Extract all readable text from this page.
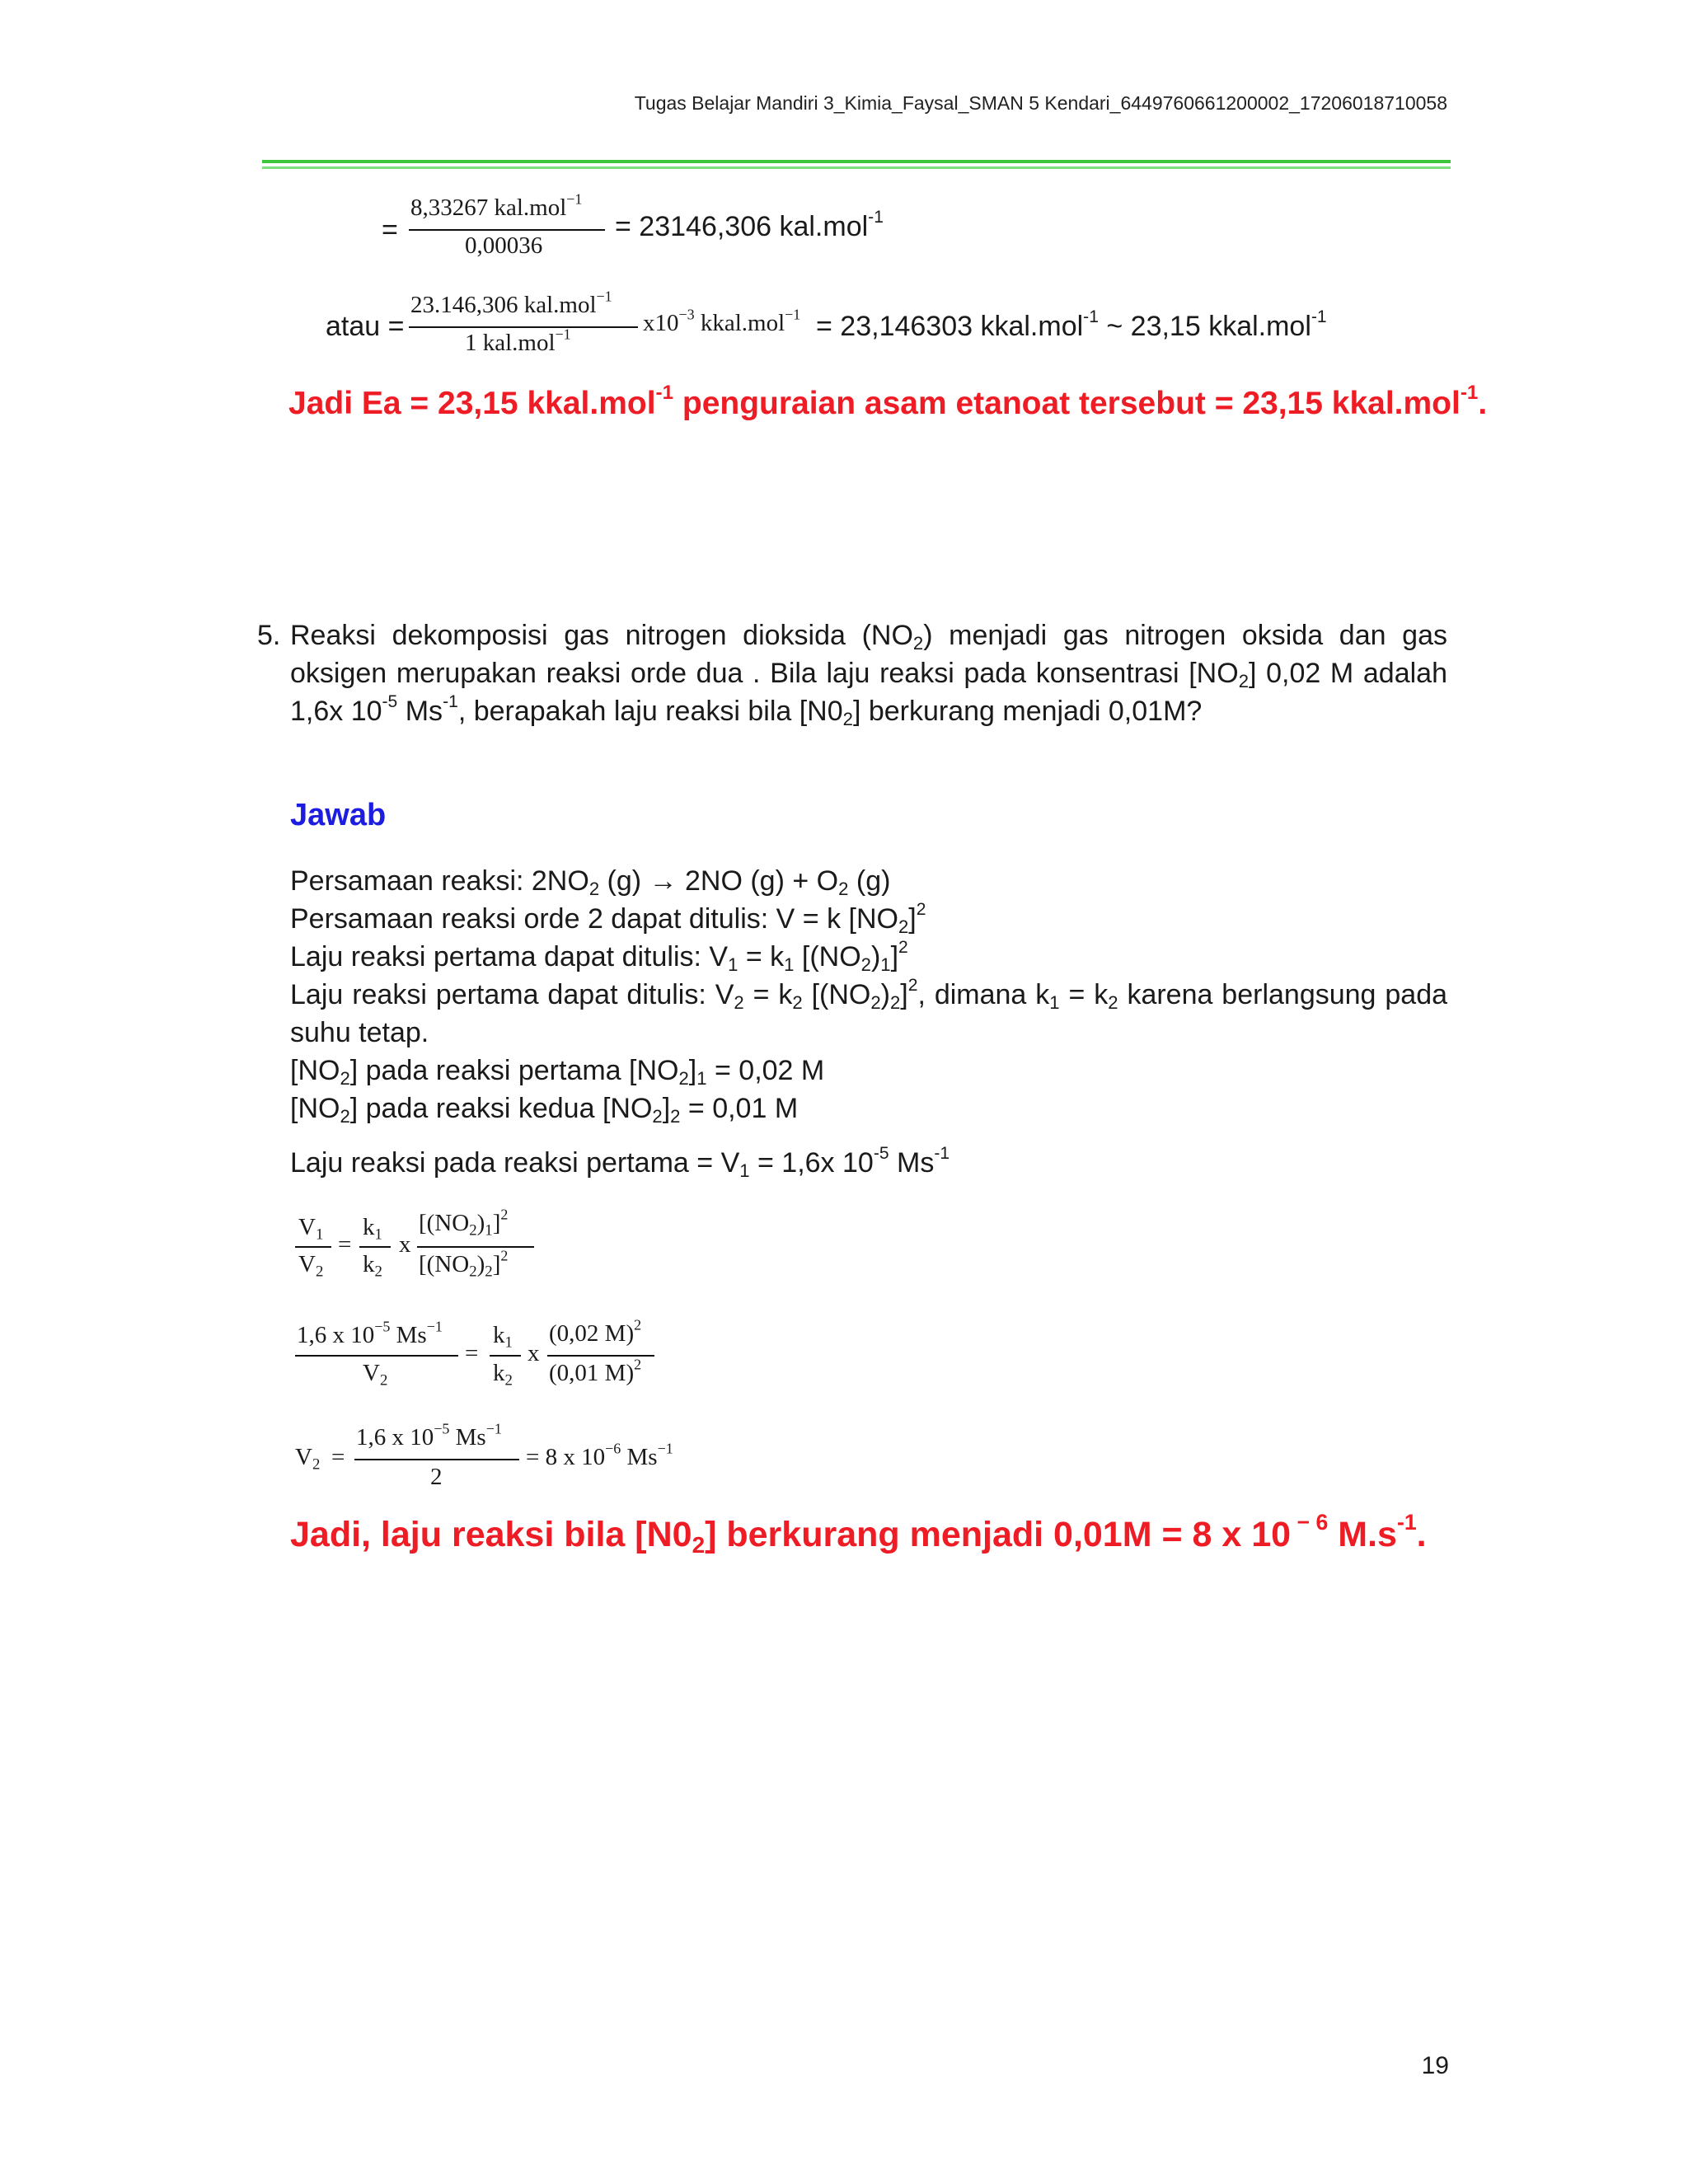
Tugas Belajar Mandiri 3_Kimia_Faysal_SMAN 5 Kendari_6449760661200002_17206018710058
=
8,33267 kal.mol$^{-1}$
0,00036
= 23146,306 kal.mol$^{-1}$
atau =
23.146,306 kal.mol$^{-1}$
1 kal.mol$^{-1}$	$x10^{-3}$ kkal.mol$^{-1}$ = 23,146303 kkal.mol$^{-1}$ ~ 23,15 kkal.mol$^{-1}$
Jadi Ea = 23,15 kkal.mol$^{-1}$ penguraian asam etanoat tersebut = 23,15 kkal.mol$^{-1}$.
5. Reaksi dekomposisi gas nitrogen dioksida $(NO_2)$ menjadi gas nitrogen oksida dan gas
oksigen merupakan reaksi orde dua . Bila laju reaksi pada konsentrasi $[NO_2]$ 0,02 M adalah
1,6x $10^{-5}$ $Ms^{-1}$, berapakah laju reaksi bila $[N0_2]$ berkurang menjadi 0,01M?
Jawab
Persamaan reaksi: $2NO_2$ (g) → 2NO $(g) + O_2$ (g)
Persamaan reaksi orde 2 dapat ditulis: V = k $[NO_2]^2$
Laju reaksi pertama dapat ditulis: $V_1 = k_1$ $[(NO_2)_1]^2$
Laju reaksi pertama dapat ditulis: $V_2 = k_2$ $[(NO_2)_2]^2$, dimana $k_1 = k_2$ karena berlangsung pada
suhu tetap.
$[NO_2]$ pada reaksi pertama $[NO_2]_1 = 0,02$ M
$[NO_2]$ pada reaksi kedua $[NO_2]_2 = 0,01$ M
Laju reaksi pada reaksi pertama = $V_1 = 1,6x$ $10^{-5}$ $Ms^{-1}$
$V_1$
$V_2$
=
$k_1$
$k_2$
x
$[(NO_2)_1]^2$
$[(NO_2)_2]^2$
1,6 x $10^{-5}$ $Ms^{-1}$
$V_2$
=
$k_1$
$k_2$
x
(0,02 M)$^2$
(0,01 M)$^2$
$V_2$ =
1,6 x $10^{-5}$ $Ms^{-1}$
2
= 8 x $10^{-6}$ $Ms^{-1}$
Jadi, laju reaksi bila $[N0_2]$ berkurang menjadi 0,01M = 8 x 10 $^{- 6}$ $M.s^{-1}$.
19
